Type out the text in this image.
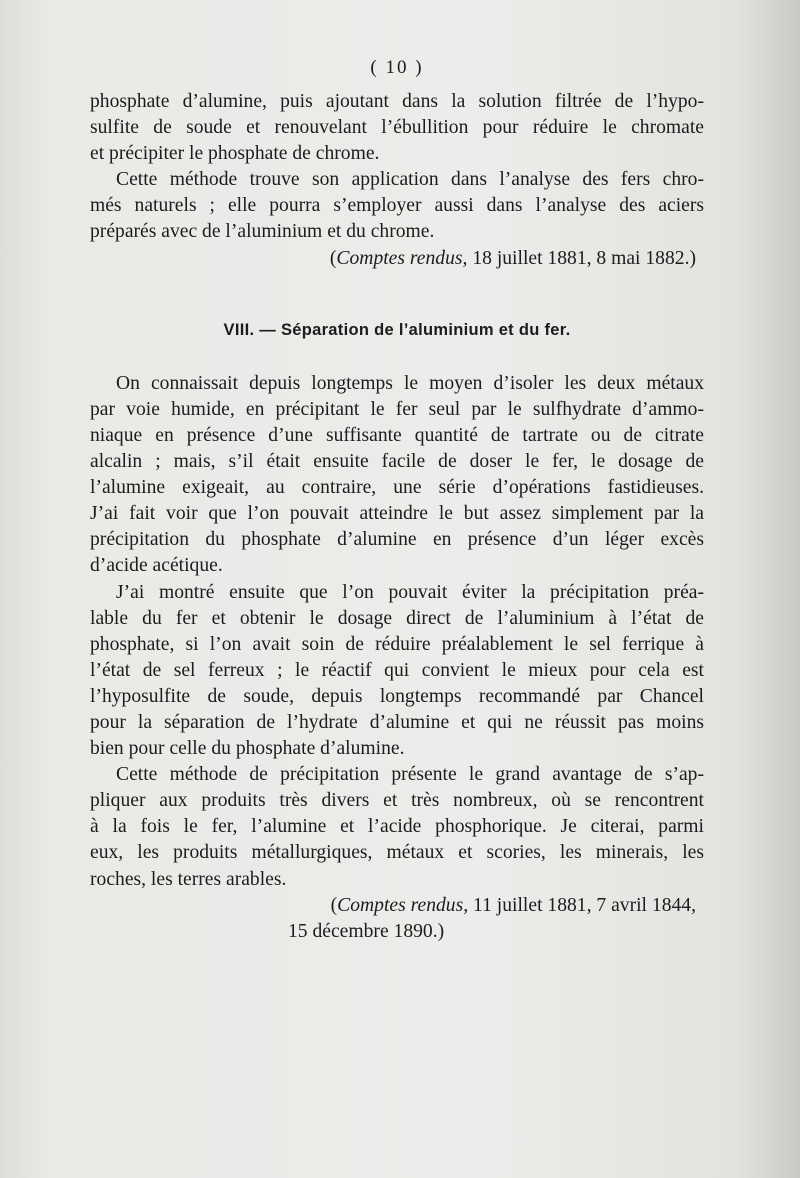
( 10 )

phosphate d’alumine, puis ajoutant dans la solution filtrée de l’hypo-
sulfite de soude et renouvelant l’ébullition pour réduire le chromate
et précipiter le phosphate de chrome.

Cette méthode trouve son application dans l’analyse des fers chro-
més naturels ; elle pourra s’employer aussi dans l’analyse des aciers
préparés avec de l’aluminium et du chrome.

(Comptes rendus, 18 juillet 1881, 8 mai 1882.)
VIII. — Séparation de l’aluminium et du fer.

On connaissait depuis longtemps le moyen d’isoler les deux métaux
par voie humide, en précipitant le fer seul par le sulfhydrate d’ammo-
niaque en présence d’une suffisante quantité de tartrate ou de citrate
alcalin ; mais, s’il était ensuite facile de doser le fer, le dosage de
l’alumine exigeait, au contraire, une série d’opérations fastidieuses.
J’ai fait voir que l’on pouvait atteindre le but assez simplement par la
précipitation du phosphate d’alumine en présence d’un léger excès
d’acide acétique.

J’ai montré ensuite que l’on pouvait éviter la précipitation préa-
lable du fer et obtenir le dosage direct de l’aluminium à l’état de
phosphate, si l’on avait soin de réduire préalablement le sel ferrique à
l’état de sel ferreux ; le réactif qui convient le mieux pour cela est
l’hyposulfite de soude, depuis longtemps recommandé par Chancel
pour la séparation de l’hydrate d’alumine et qui ne réussit pas moins
bien pour celle du phosphate d’alumine.

Cette méthode de précipitation présente le grand avantage de s’ap-
pliquer aux produits très divers et très nombreux, où se rencontrent
à la fois le fer, l’alumine et l’acide phosphorique. Je citerai, parmi
eux, les produits métallurgiques, métaux et scories, les minerais, les
roches, les terres arables.

(Comptes rendus, 11 juillet 1881, 7 avril 1844,
15 décembre 1890.)
